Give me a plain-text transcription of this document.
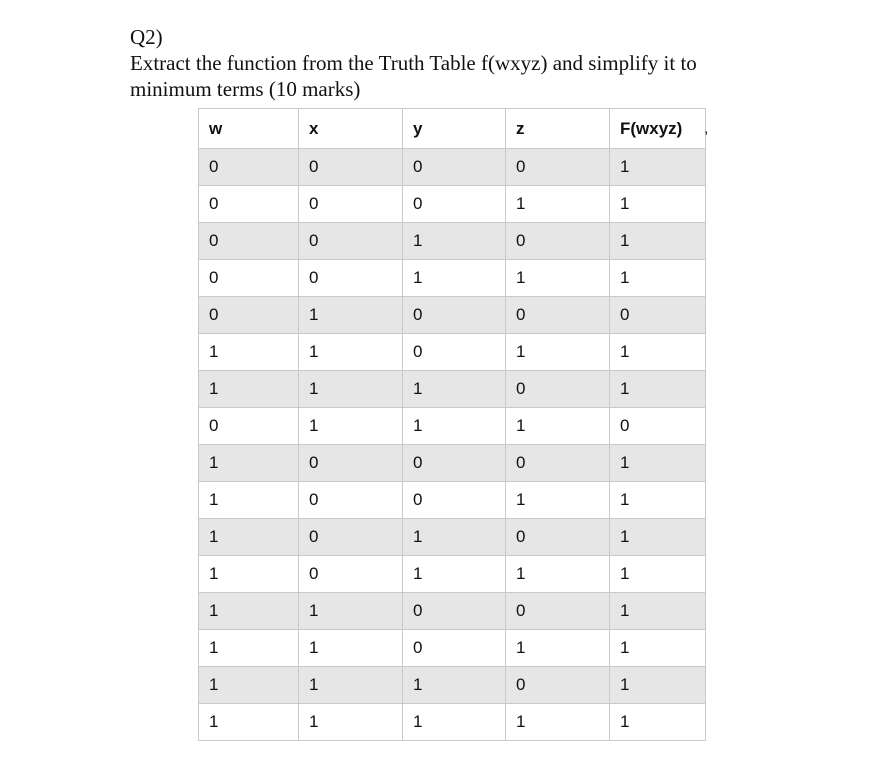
Q2)
Extract the function from the Truth Table f(wxyz) and simplify it to
minimum terms (10 marks)
w	x	y	z	F(wxyz)
0	0	0	0	1
0	0	0	1	1
0	0	1	0	1
0	0	1	1	1
0	1	0	0	0
1	1	0	1	1
1	1	1	0	1
0	1	1	1	0
1	0	0	0	1
1	0	0	1	1
1	0	1	0	1
1	0	1	1	1
1	1	0	0	1
1	1	0	1	1
1	1	1	0	1
1	1	1	1	1
,
